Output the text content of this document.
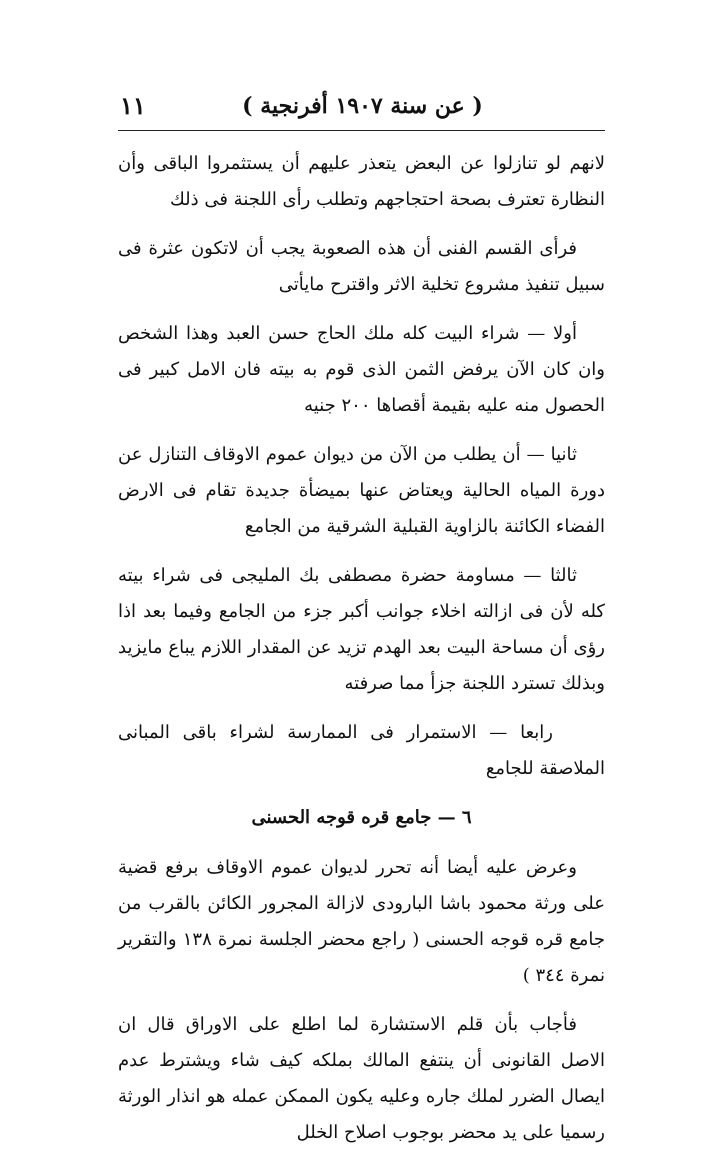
( عن سنة ١٩٠٧ أفرنجية )
١١

لانهم لو تنازلوا عن البعض يتعذر عليهم أن يستثمروا الباقى وأن النظارة تعترف بصحة احتجاجهم وتطلب رأى اللجنة فى ذلك

فرأى القسم الفنى أن هذه الصعوبة يجب أن لاتكون عثرة فى سبيل تنفيذ مشروع تخلية الاثر واقترح مايأتى

أولا — شراء البيت كله ملك الحاج حسن العبد وهذا الشخص وان كان الآن يرفض الثمن الذى قوم به بيته فان الامل كبير فى الحصول منه عليه بقيمة أقصاها ٢٠٠ جنيه

ثانيا — أن يطلب من الآن من ديوان عموم الاوقاف التنازل عن دورة المياه الحالية ويعتاض عنها بميضأة جديدة تقام فى الارض الفضاء الكائنة بالزاوية القبلية الشرقية من الجامع

ثالثا — مساومة حضرة مصطفى بك المليجى فى شراء بيته كله لأن فى ازالته اخلاء جوانب أكبر جزء من الجامع وفيما بعد اذا رؤى أن مساحة البيت بعد الهدم تزيد عن المقدار اللازم يباع مايزيد وبذلك تسترد اللجنة جزأ مما صرفته

رابعا — الاستمرار فى الممارسة لشراء باقى المبانى الملاصقة للجامع

٦ — جامع قره قوجه الحسنى

وعرض عليه أيضا أنه تحرر لديوان عموم الاوقاف برفع قضية على ورثة محمود باشا البارودى لازالة المجرور الكائن بالقرب من جامع قره قوجه الحسنى ( راجع محضر الجلسة نمرة ١٣٨ والتقرير نمرة ٣٤٤ )

فأجاب بأن قلم الاستشارة لما اطلع على الاوراق قال ان الاصل القانونى أن ينتفع المالك بملكه كيف شاء ويشترط عدم ايصال الضرر لملك جاره وعليه يكون الممكن عمله هو انذار الورثة رسميا على يد محضر بوجوب اصلاح الخلل
